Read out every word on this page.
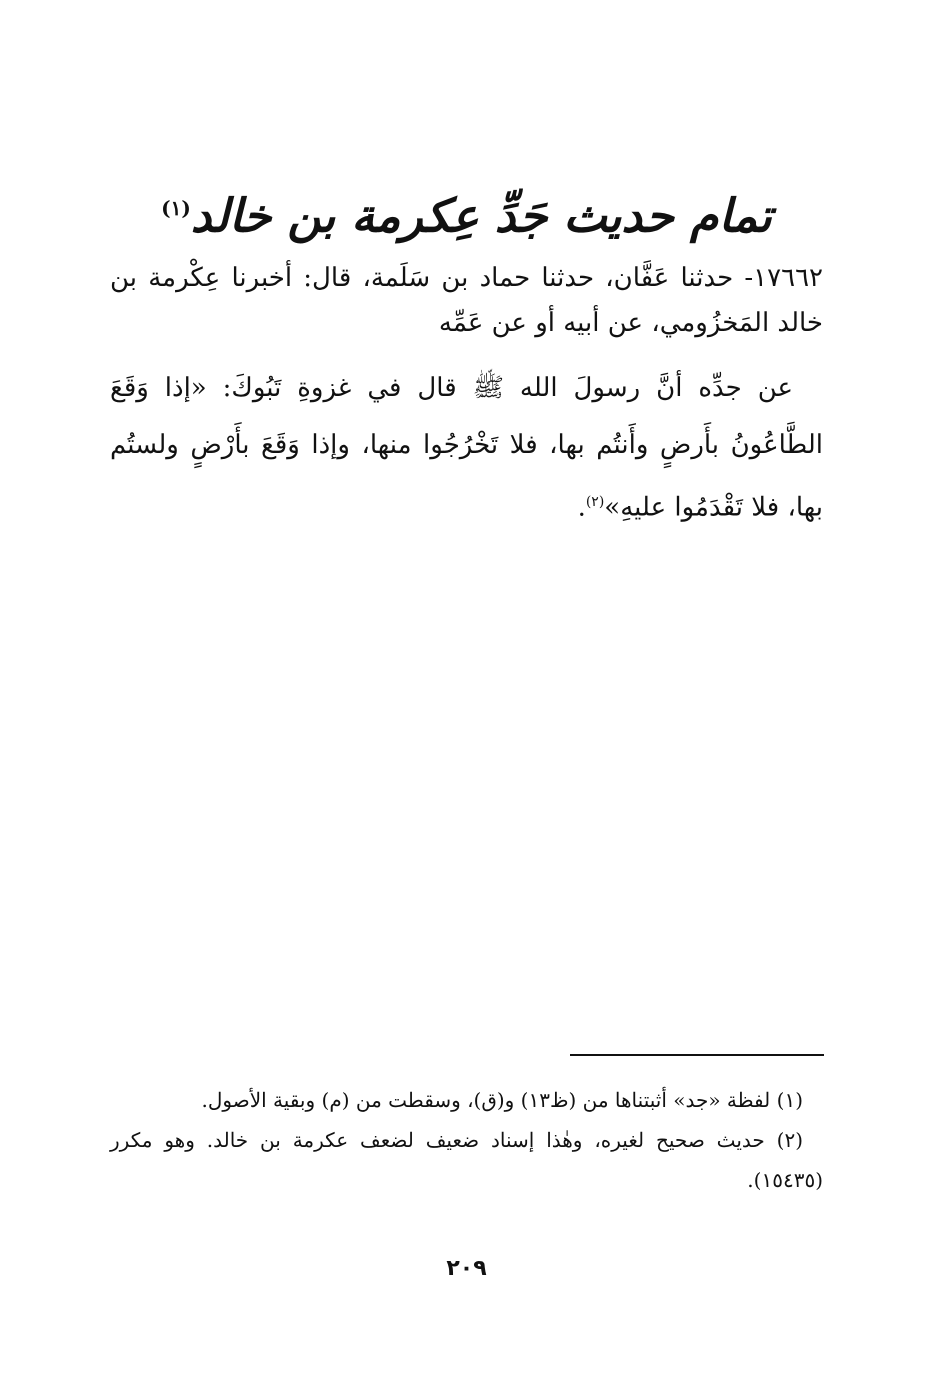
تمام حديث جَدِّ عِكرمة بن خالد$^{(١)}$
١٧٦٦٢- حدثنا عَفَّان، حدثنا حماد بن سَلَمة، قال: أخبرنا عِكْرمة بن خالد المَخزُومي، عن أبيه أو عن عَمِّه
عن جدِّه أنَّ رسولَ الله ﷺ قال في غزوةِ تَبُوكَ: «إذا وَقَعَ الطَّاعُونُ بأَرضٍ وأَنتُم بها، فلا تَخْرُجُوا منها، وإذا وَقَعَ بأَرْضٍ ولستُم بها، فلا تَقْدَمُوا عليهِ»$^{(٢)}$.

(١) لفظة «جد» أثبتناها من (ظ١٣) و(ق)، وسقطت من (م) وبقية الأصول.

(٢) حديث صحيح لغيره، وهٰذا إسناد ضعيف لضعف عكرمة بن خالد. وهو مكرر (١٥٤٣٥).

٢٠٩
